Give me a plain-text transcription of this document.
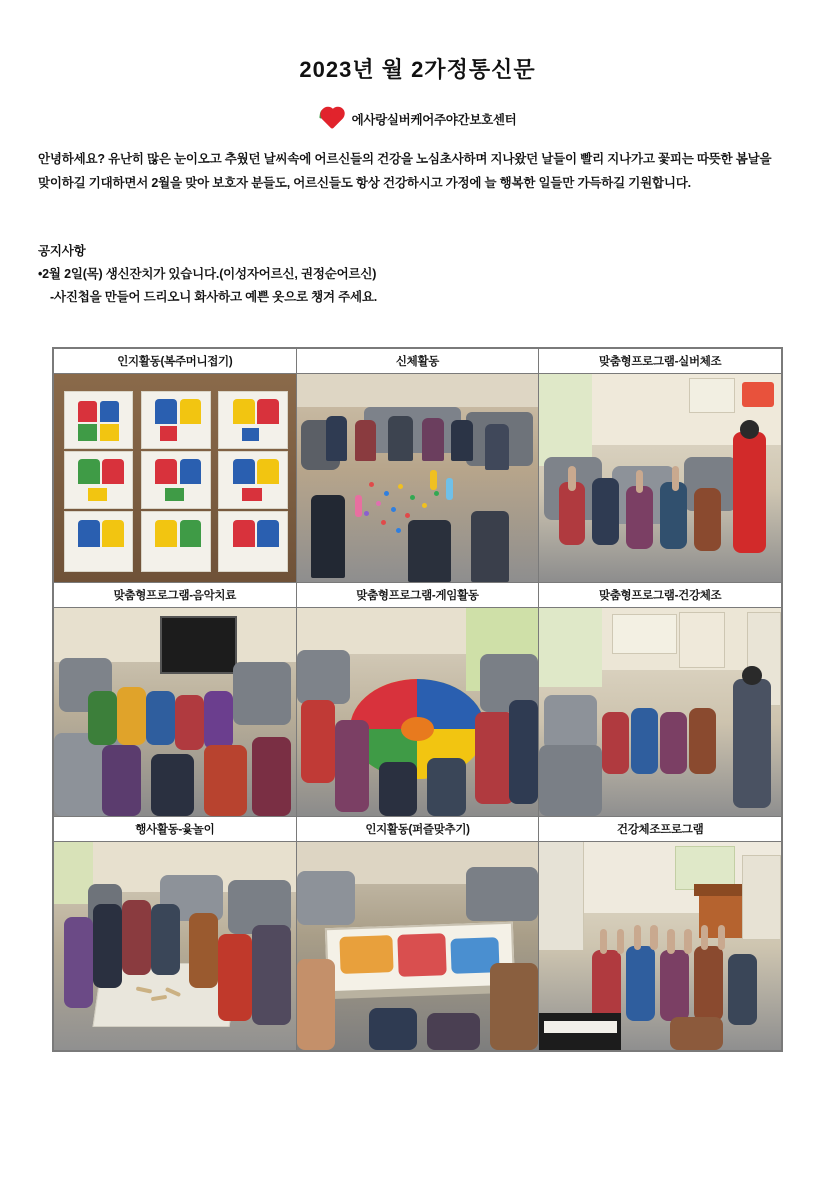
2023년 월 2가정통신문
에사랑실버케어주야간보호센터

안녕하세요? 유난히 많은 눈이오고 추웠던 날씨속에 어르신들의 건강을 노심초사하며 지나왔던 날들이 빨리 지나가고 꽃피는 따뜻한 봄날을

맞이하길 기대하면서 2월을 맞아 보호자 분들도, 어르신들도 항상 건강하시고 가정에 늘 행복한 일들만 가득하길 기원합니다.

공지사항

•2월 2일(목) 생신잔치가 있습니다.(이성자어르신, 권정순어르신)

-사진첩을 만들어 드리오니 화사하고 예쁜 옷으로 챙겨 주세요.

인지활동(복주머니접기)	신체활동	맞춤형프로그램-실버체조

맞춤형프로그램-음악치료	맞춤형프로그램-게임활동	맞춤형프로그램-건강체조

행사활동-윷놀이	인지활동(퍼즐맞추기)	건강체조프로그램
